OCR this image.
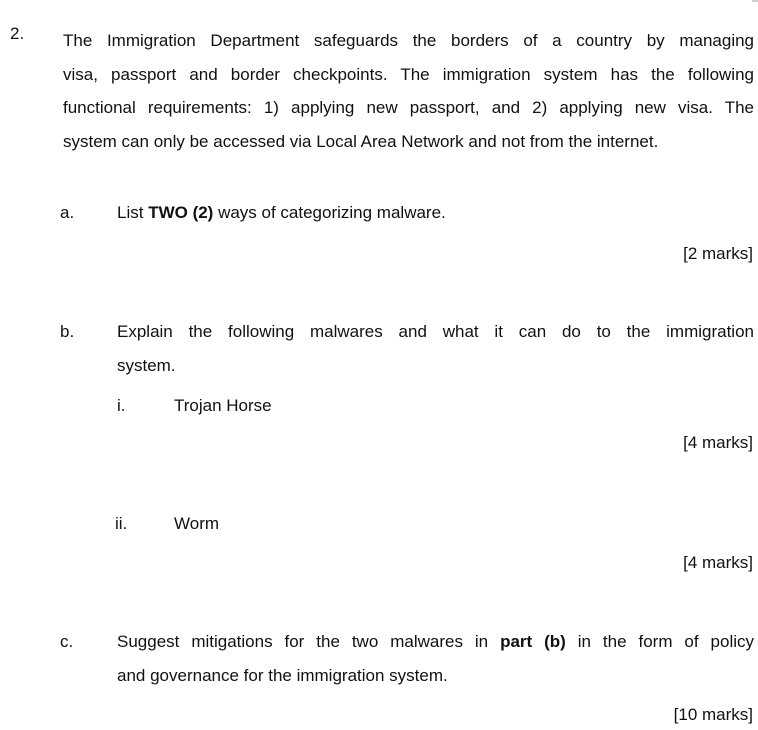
2. The Immigration Department safeguards the borders of a country by managing
visa, passport and border checkpoints. The immigration system has the following
functional requirements: 1) applying new passport, and 2) applying new visa. The
system can only be accessed via Local Area Network and not from the internet.
a.	List TWO (2) ways of categorizing malware.
[2 marks]
b.	Explain the following malwares and what it can do to the immigration
system.
i.	Trojan Horse
[4 marks]
ii.	Worm
[4 marks]
c.	Suggest mitigations for the two malwares in part (b) in the form of policy
and governance for the immigration system.
[10 marks]
